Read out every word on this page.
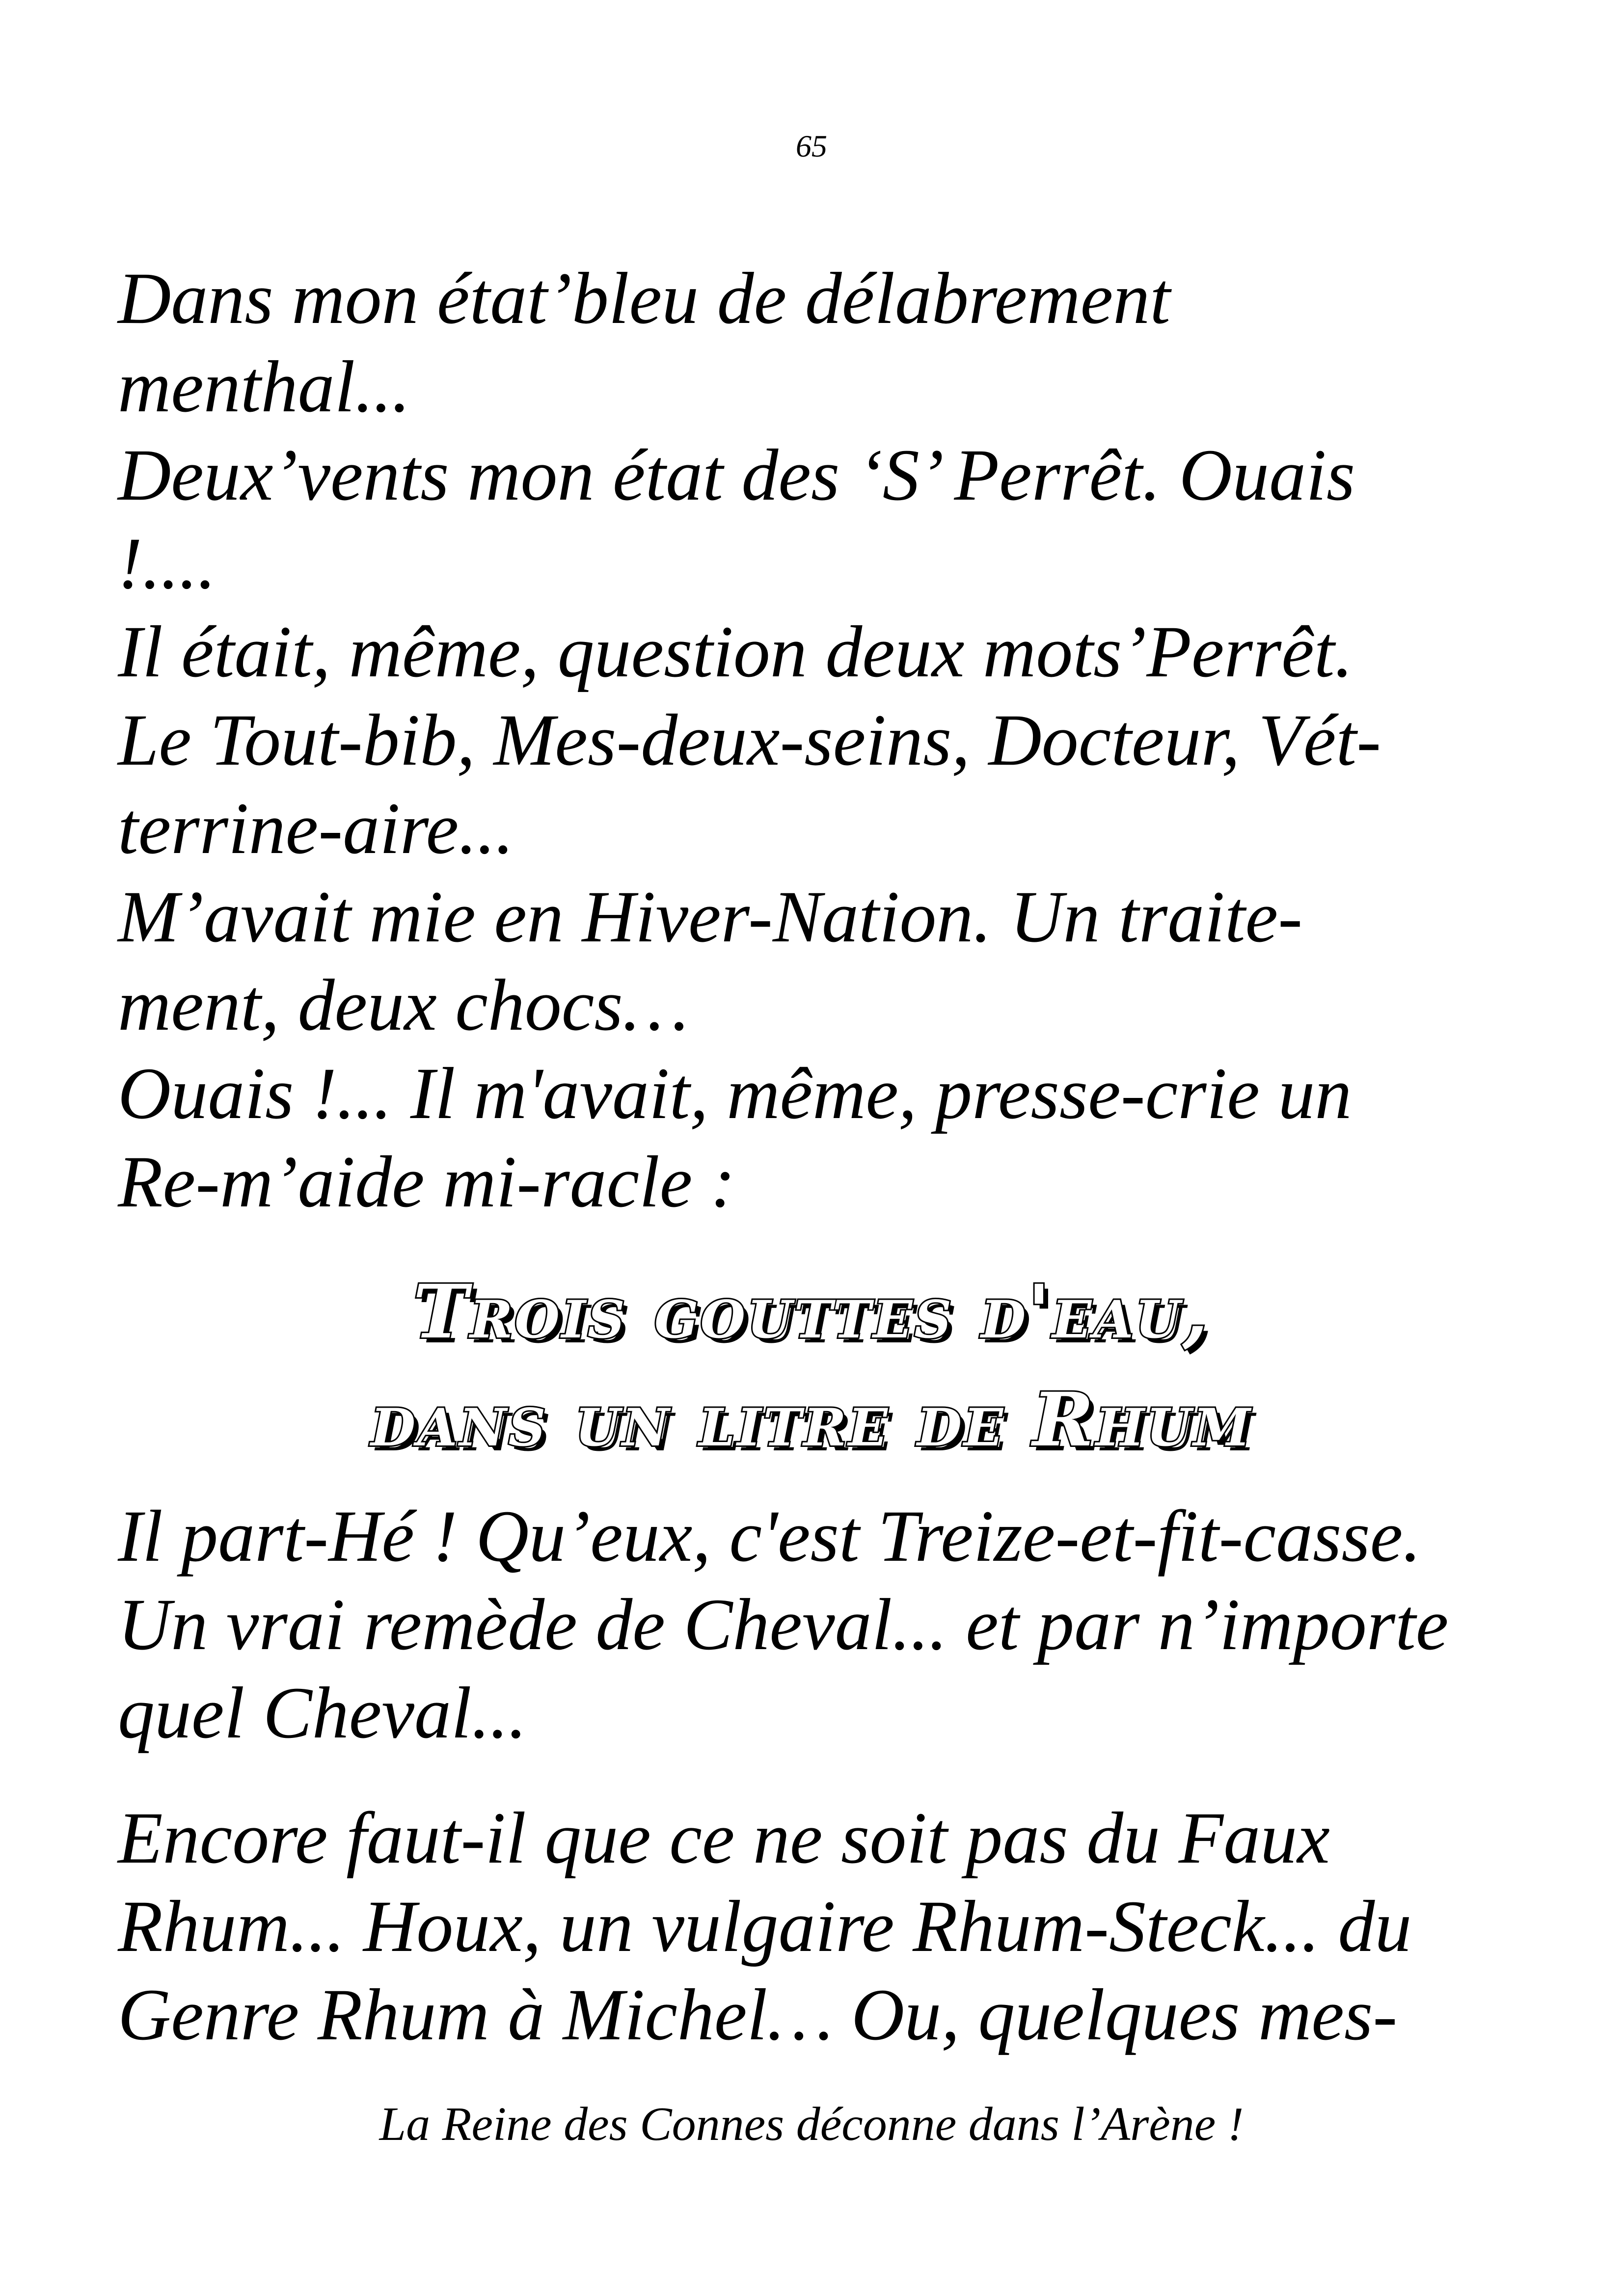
65
Dans mon état’bleu de délabrement
menthal...
Deux’vents mon état des ‘S’ Perrêt. Ouais
!....
Il était, même, question deux mots’Perrêt.
Le Tout-bib, Mes-deux-seins, Docteur, Vét-
terrine-aire...
M’avait mie en Hiver-Nation. Un traite-
ment, deux chocs…
Ouais !... Il m'avait, même, presse-crie un
Re-m’aide mi-racle :
Trois gouttes d'eau,
dans un litre de Rhum
Il part-Hé ! Qu’eux, c'est Treize-et-fit-casse.
Un vrai remède de Cheval... et par n’importe
quel Cheval...
Encore faut-il que ce ne soit pas du Faux
Rhum... Houx, un vulgaire Rhum-Steck... du
Genre Rhum à Michel… Ou, quelques mes-
La Reine des Connes déconne dans l’Arène !
